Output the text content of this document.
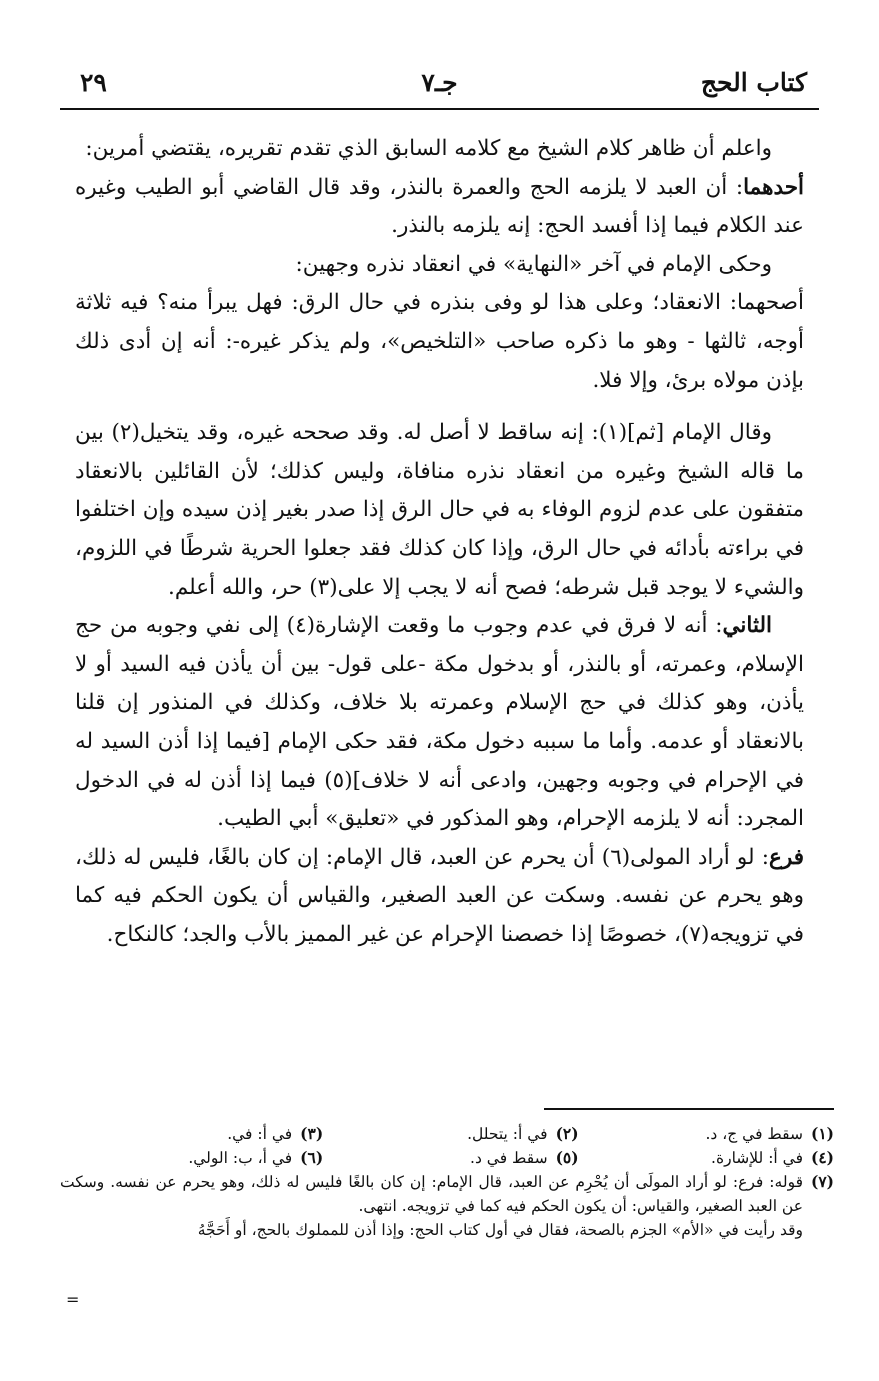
كتاب الحج
جـ٧
٢٩

واعلم أن ظاهر كلام الشيخ مع كلامه السابق الذي تقدم تقريره، يقتضي أمرين:

أحدهما: أن العبد لا يلزمه الحج والعمرة بالنذر، وقد قال القاضي أبو الطيب وغيره عند الكلام فيما إذا أفسد الحج: إنه يلزمه بالنذر.

وحكى الإمام في آخر «النهاية» في انعقاد نذره وجهين:

أصحهما: الانعقاد؛ وعلى هذا لو وفى بنذره في حال الرق: فهل يبرأ منه؟ فيه ثلاثة أوجه، ثالثها - وهو ما ذكره صاحب «التلخيص»، ولم يذكر غيره-: أنه إن أدى ذلك بإذن مولاه برئ، وإلا فلا.

وقال الإمام [ثم](١): إنه ساقط لا أصل له. وقد صححه غيره، وقد يتخيل(٢) بين ما قاله الشيخ وغيره من انعقاد نذره منافاة، وليس كذلك؛ لأن القائلين بالانعقاد متفقون على عدم لزوم الوفاء به في حال الرق إذا صدر بغير إذن سيده وإن اختلفوا في براءته بأدائه في حال الرق، وإذا كان كذلك فقد جعلوا الحرية شرطًا في اللزوم، والشيء لا يوجد قبل شرطه؛ فصح أنه لا يجب إلا على(٣) حر، والله أعلم.

الثاني: أنه لا فرق في عدم وجوب ما وقعت الإشارة(٤) إلى نفي وجوبه من حج الإسلام، وعمرته، أو بالنذر، أو بدخول مكة -على قول- بين أن يأذن فيه السيد أو لا يأذن، وهو كذلك في حج الإسلام وعمرته بلا خلاف، وكذلك في المنذور إن قلنا بالانعقاد أو عدمه. وأما ما سببه دخول مكة، فقد حكى الإمام [فيما إذا أذن السيد له في الإحرام في وجوبه وجهين، وادعى أنه لا خلاف](٥) فيما إذا أذن له في الدخول المجرد: أنه لا يلزمه الإحرام، وهو المذكور في «تعليق» أبي الطيب.

فرع: لو أراد المولى(٦) أن يحرم عن العبد، قال الإمام: إن كان بالغًا، فليس له ذلك، وهو يحرم عن نفسه. وسكت عن العبد الصغير، والقياس أن يكون الحكم فيه كما في تزويجه(٧)، خصوصًا إذا خصصنا الإحرام عن غير المميز بالأب والجد؛ كالنكاح.

(١)سقط في ج، د.
(٢)في أ: يتحلل.
(٣)في أ: في.
(٤)في أ: للإشارة.
(٥)سقط في د.
(٦)في أ، ب: الولي.
(٧)
قوله: فرع: لو أراد المولَى أن يُحْرِم عن العبد، قال الإمام: إن كان بالغًا فليس له ذلك، وهو يحرم عن نفسه. وسكت عن العبد الصغير، والقياس: أن يكون الحكم فيه كما في تزويجه. انتهى.
وقد رأيت في «الأم» الجزم بالصحة، فقال في أول كتاب الحج: وإذا أذن للمملوك بالحج، أو أَحَجَّهُ
=
